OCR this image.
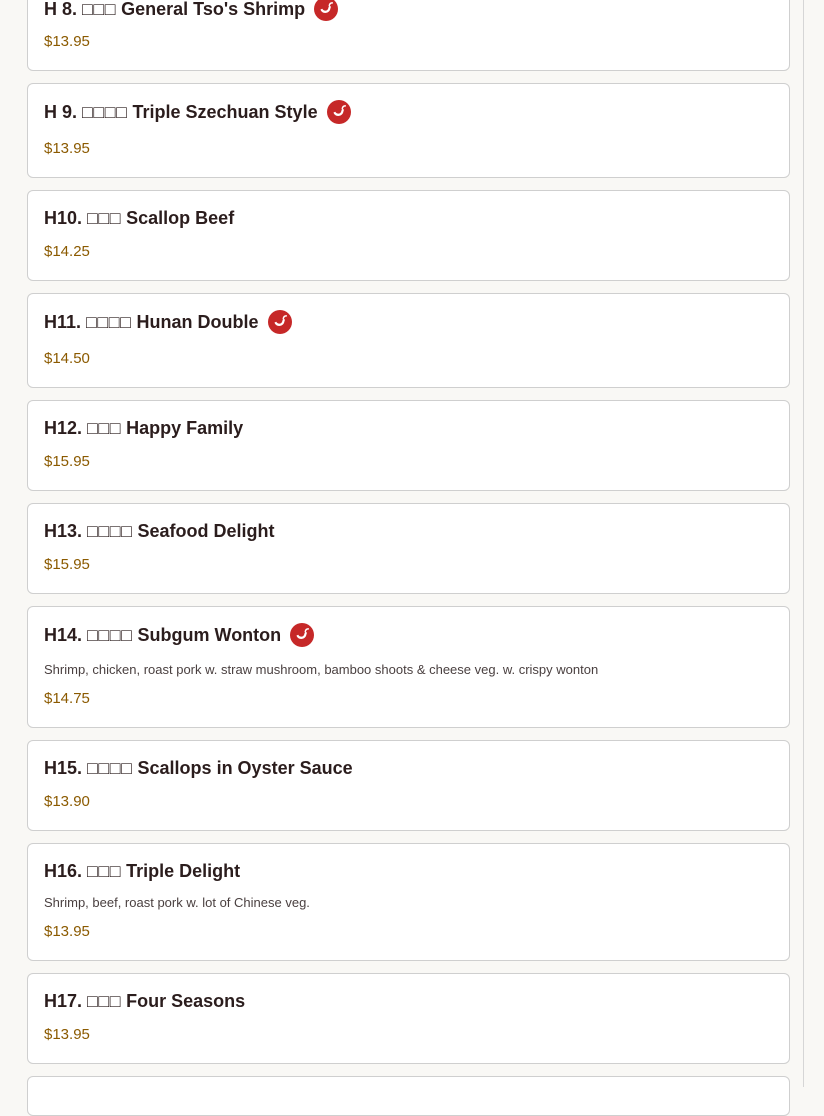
H 8. □□□ General Tso's Shrimp
$13.95
H 9. □□□□ Triple Szechuan Style
$13.95
H10. □□□ Scallop Beef
$14.25
H11. □□□□ Hunan Double
$14.50
H12. □□□ Happy Family
$15.95
H13. □□□□ Seafood Delight
$15.95
H14. □□□□ Subgum Wonton
Shrimp, chicken, roast pork w. straw mushroom, bamboo shoots & cheese veg. w. crispy wonton
$14.75
H15. □□□□ Scallops in Oyster Sauce
$13.90
H16. □□□ Triple Delight
Shrimp, beef, roast pork w. lot of Chinese veg.
$13.95
H17. □□□ Four Seasons
$13.95
